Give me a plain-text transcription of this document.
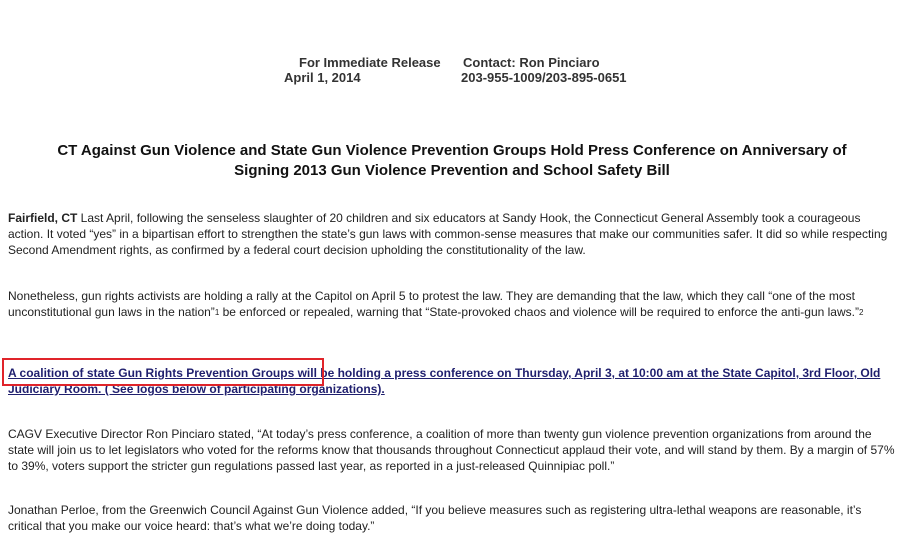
For Immediate Release Contact: Ron Pinciaro
April 1, 2014	203-955-1009/203-895-0651
CT Against Gun Violence and State Gun Violence Prevention Groups Hold Press Conference on Anniversary of
Signing 2013 Gun Violence Prevention and School Safety Bill
Fairfield, CT Last April, following the senseless slaughter of 20 children and six educators at Sandy Hook, the Connecticut General Assembly took a courageous action. It voted “yes” in a bipartisan effort to strengthen the state’s gun laws with common-sense measures that make our communities safer. It did so while respecting Second Amendment rights, as confirmed by a federal court decision upholding the constitutionality of the law.
Nonetheless, gun rights activists are holding a rally at the Capitol on April 5 to protest the law. They are demanding that the law, which they call “one of the most unconstitutional gun laws in the nation”$^1$ be enforced or repealed, warning that “State-provoked chaos and violence will be required to enforce the anti-gun laws.”$^2$
A coalition of state Gun Rights Prevention Groups will be holding a press conference on Thursday, April 3, at 10:00 am at the State Capitol, 3rd Floor, Old Judiciary Room. ( See logos below of participating organizations).
CAGV Executive Director Ron Pinciaro stated, “At today’s press conference, a coalition of more than twenty gun violence prevention organizations from around the state will join us to let legislators who voted for the reforms know that thousands throughout Connecticut applaud their vote, and will stand by them. By a margin of 57% to 39%, voters support the stricter gun regulations passed last year, as reported in a just-released Quinnipiac poll.”
Jonathan Perloe, from the Greenwich Council Against Gun Violence added, “If you believe measures such as registering ultra-lethal weapons are reasonable, it’s critical that you make our voice heard: that’s what we’re doing today.”
